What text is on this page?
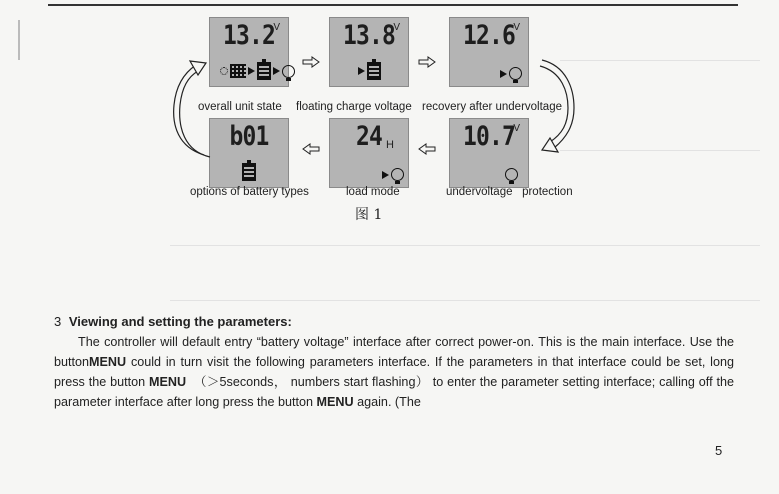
13.2
V 13.8
V 12.6
V
overall unit state floating charge voltage recovery after undervoltage
b01	24 H	10.7
V
options of battery types	load mode	undervoltage   protection
图 1
3 Viewing and setting the parameters:
The controller will default entry “battery voltage” interface after correct power-on. This is the main interface. Use the buttonMENU could in turn visit the following parameters interface. If the parameters in that interface could be set, long press the button MENU  （＞5seconds， numbers start flashing） to enter the parameter setting interface; calling off the parameter interface after long press the button MENU again. (The
5
